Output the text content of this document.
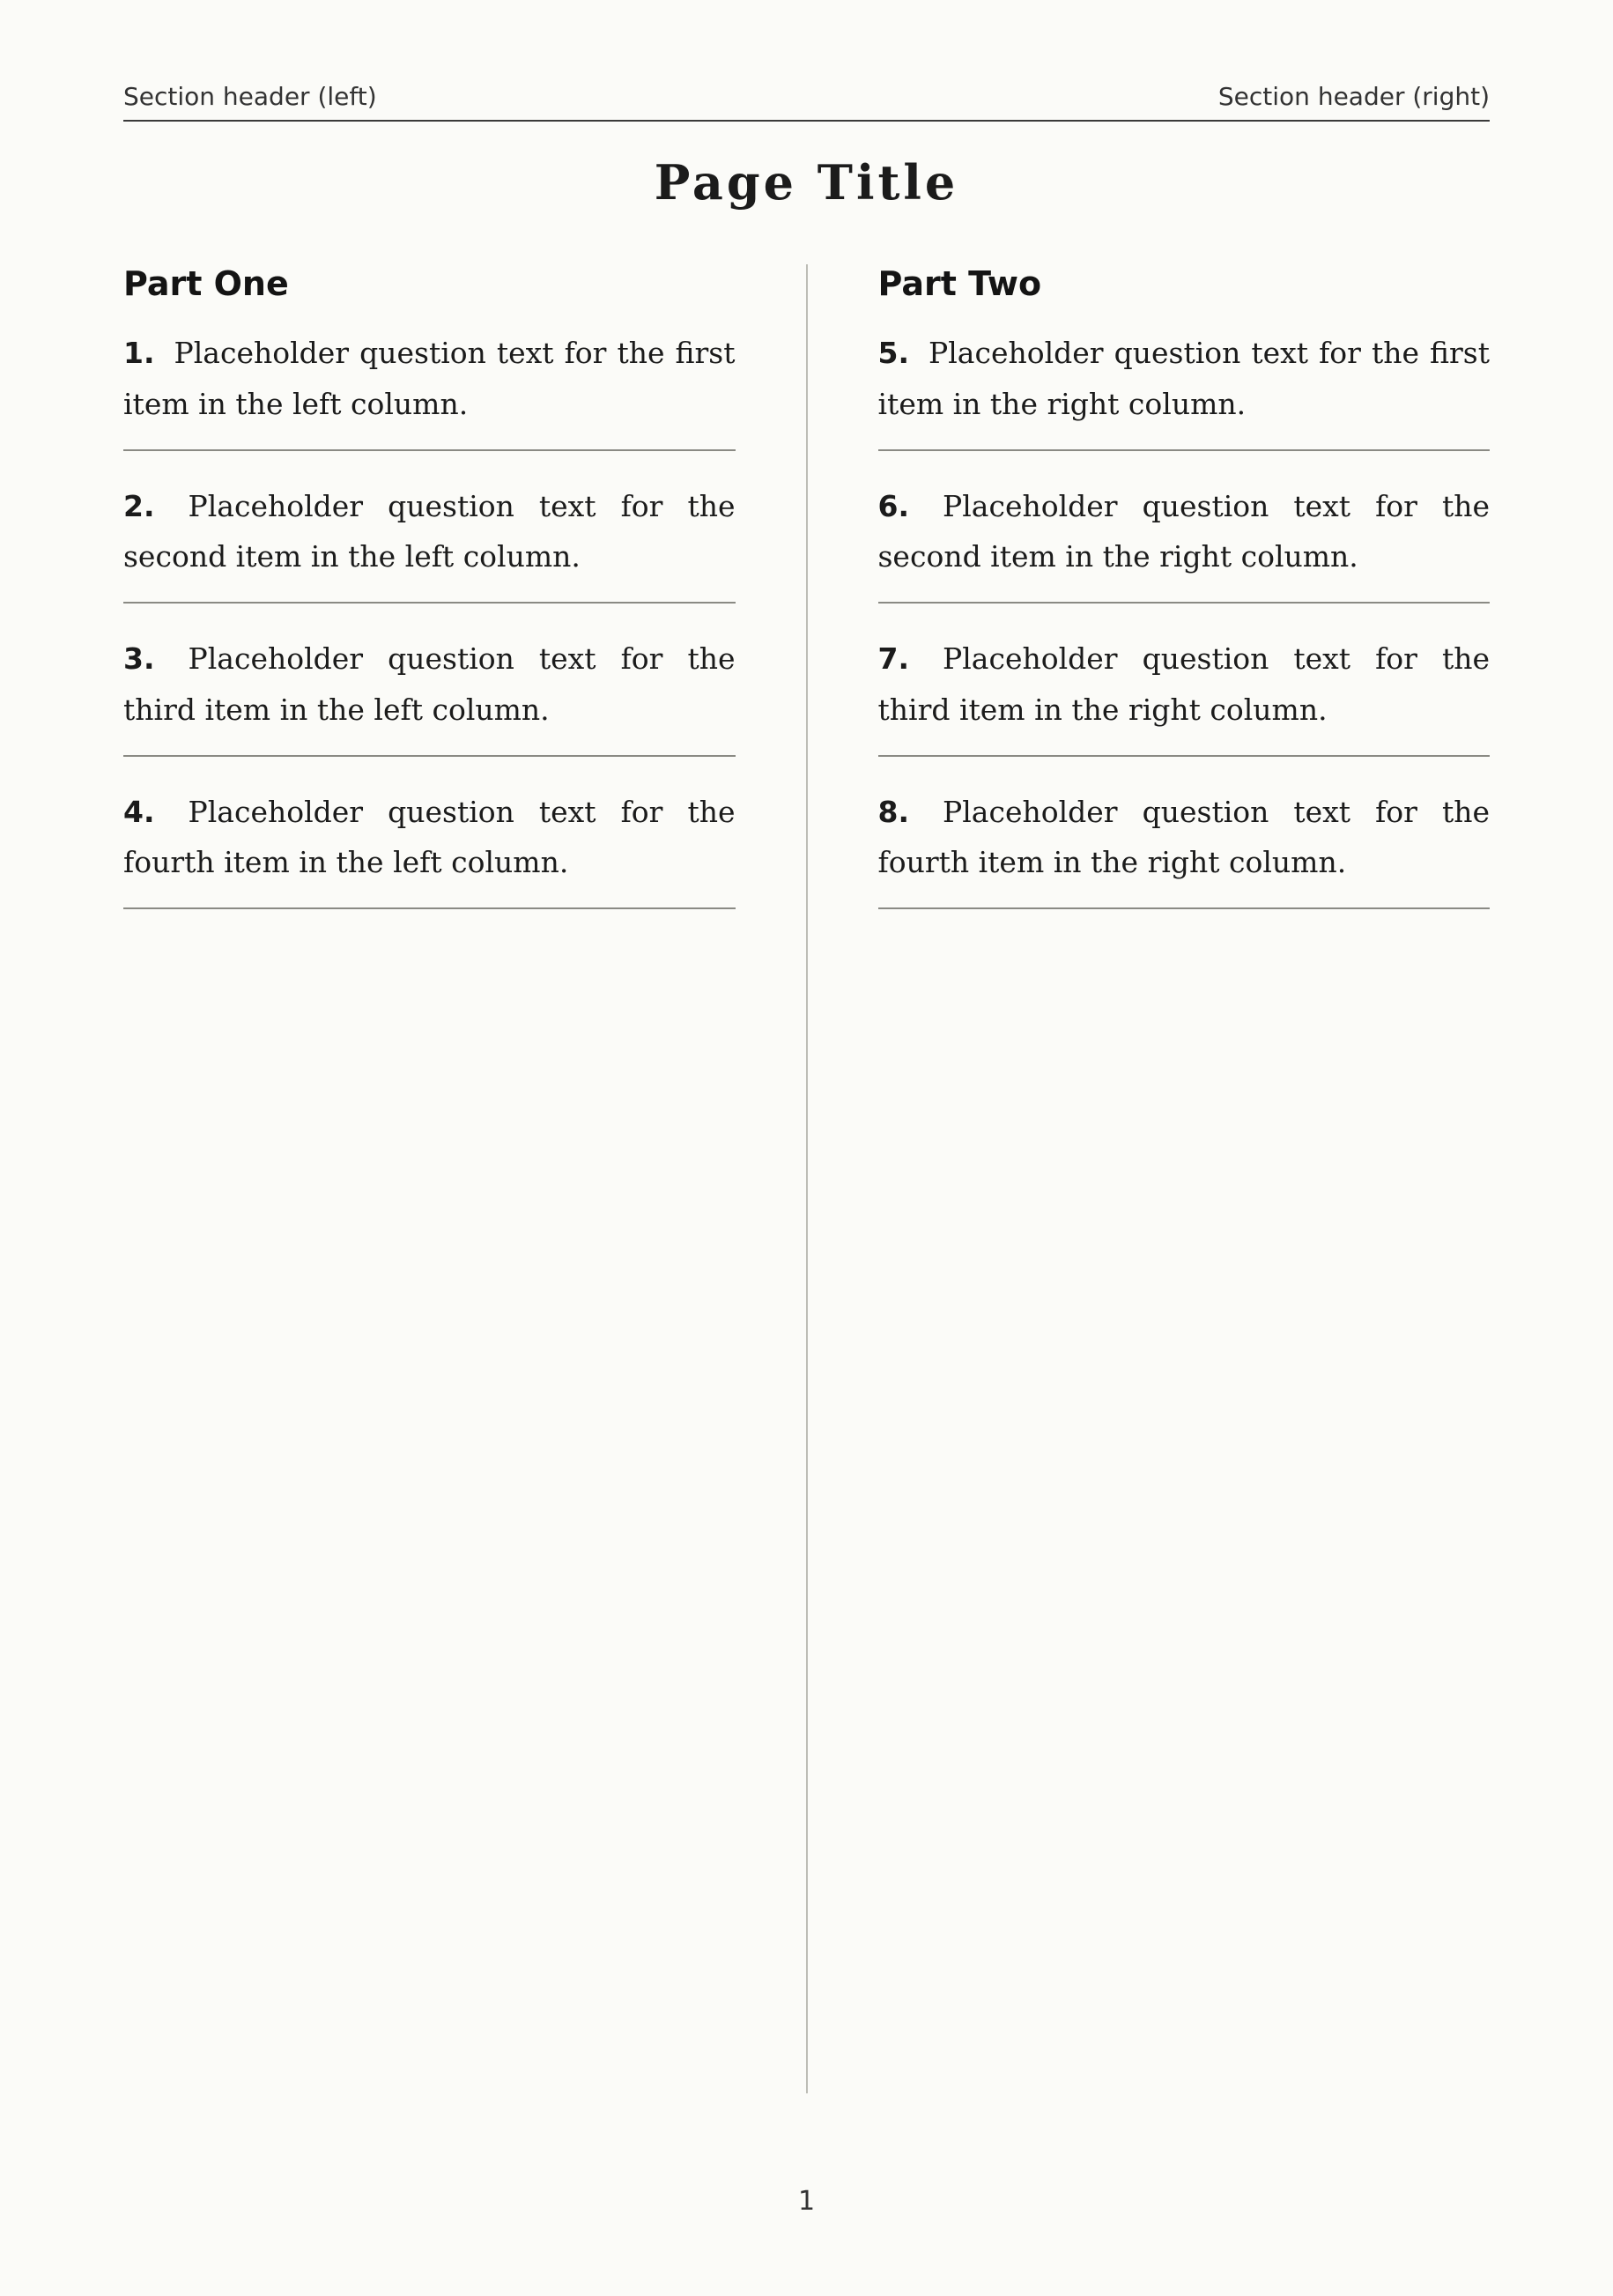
Section header (left)	Section header (right)
Page Title
Part One
1. Placeholder question text for the first item in the left column.
2. Placeholder question text for the second item in the left column.
3. Placeholder question text for the third item in the left column.
4. Placeholder question text for the fourth item in the left column.
Part Two
5. Placeholder question text for the first item in the right column.
6. Placeholder question text for the second item in the right column.
7. Placeholder question text for the third item in the right column.
8. Placeholder question text for the fourth item in the right column.
1
